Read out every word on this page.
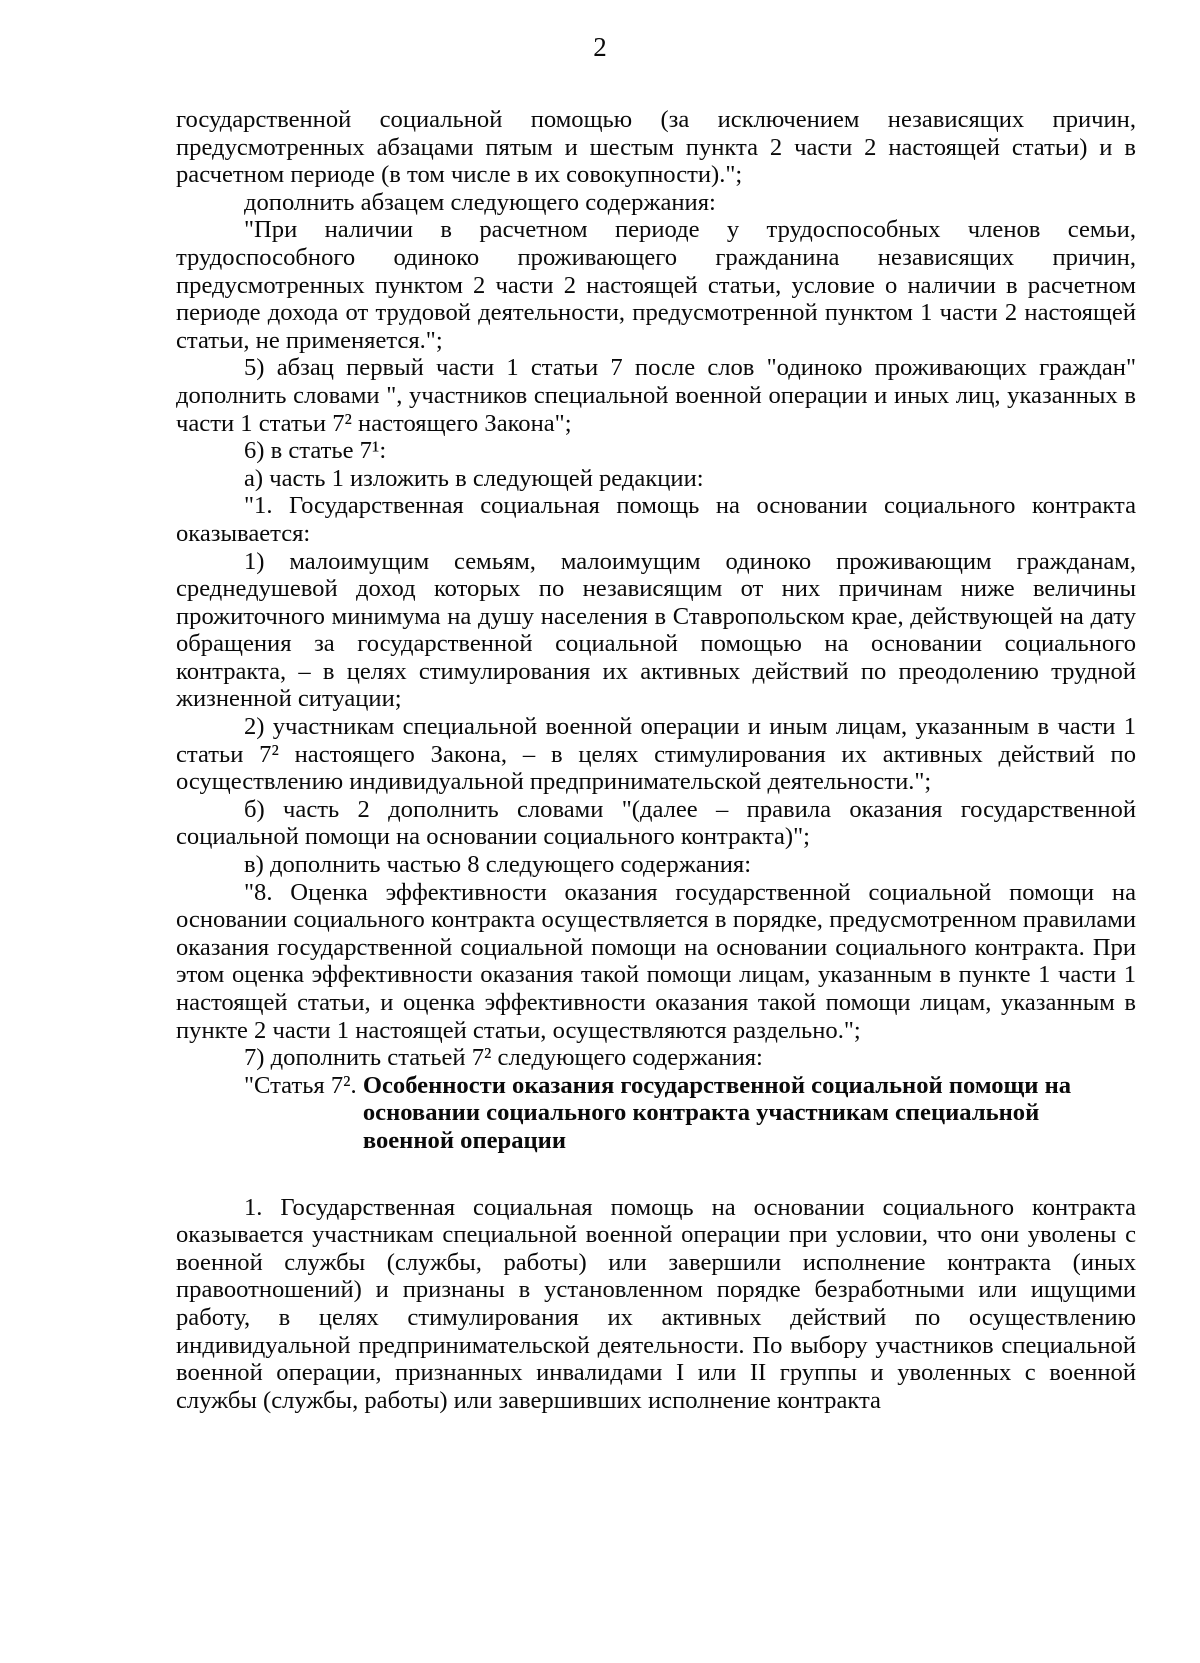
2

государственной социальной помощью (за исключением независящих причин, предусмотренных абзацами пятым и шестым пункта 2 части 2 настоящей статьи) и в расчетном периоде (в том числе в их совокупности).";

дополнить абзацем следующего содержания:

"При наличии в расчетном периоде у трудоспособных членов семьи, трудоспособного одиноко проживающего гражданина независящих причин, предусмотренных пунктом 2 части 2 настоящей статьи, условие о наличии в расчетном периоде дохода от трудовой деятельности, предусмотренной пунктом 1 части 2 настоящей статьи, не применяется.";

5) абзац первый части 1 статьи 7 после слов "одиноко проживающих граждан" дополнить словами ", участников специальной военной операции и иных лиц, указанных в части 1 статьи 7² настоящего Закона";

6) в статье 7¹:

а) часть 1 изложить в следующей редакции:

"1. Государственная социальная помощь на основании социального контракта оказывается:

1) малоимущим семьям, малоимущим одиноко проживающим гражданам, среднедушевой доход которых по независящим от них причинам ниже величины прожиточного минимума на душу населения в Ставропольском крае, действующей на дату обращения за государственной социальной помощью на основании социального контракта, – в целях стимулирования их активных действий по преодолению трудной жизненной ситуации;

2) участникам специальной военной операции и иным лицам, указанным в части 1 статьи 7² настоящего Закона, – в целях стимулирования их активных действий по осуществлению индивидуальной предпринимательской деятельности.";

б) часть 2 дополнить словами "(далее – правила оказания государственной социальной помощи на основании социального контракта)";

в) дополнить частью 8 следующего содержания:

"8. Оценка эффективности оказания государственной социальной помощи на основании социального контракта осуществляется в порядке, предусмотренном правилами оказания государственной социальной помощи на основании социального контракта. При этом оценка эффективности оказания такой помощи лицам, указанным в пункте 1 части 1 настоящей статьи, и оценка эффективности оказания такой помощи лицам, указанным в пункте 2 части 1 настоящей статьи, осуществляются раздельно.";

7) дополнить статьей 7² следующего содержания:

"Статья 7². Особенности оказания государственной социальной помощи на основании социального контракта участникам специальной военной операции

1. Государственная социальная помощь на основании социального контракта оказывается участникам специальной военной операции при условии, что они уволены с военной службы (службы, работы) или завершили исполнение контракта (иных правоотношений) и признаны в установленном порядке безработными или ищущими работу, в целях стимулирования их активных действий по осуществлению индивидуальной предпринимательской деятельности. По выбору участников специальной военной операции, признанных инвалидами I или II группы и уволенных с военной службы (службы, работы) или завершивших исполнение контракта
